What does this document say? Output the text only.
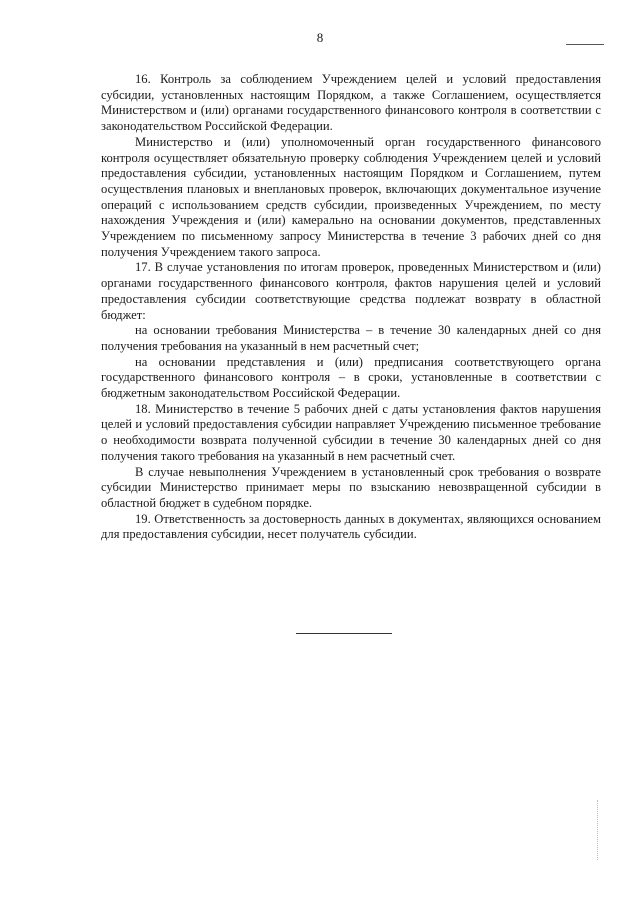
8

16. Контроль за соблюдением Учреждением целей и условий предоставления субсидии, установленных настоящим Порядком, а также Соглашением, осуществляется Министерством и (или) органами государственного финансового контроля в соответствии с законодательством Российской Федерации.

Министерство и (или) уполномоченный орган государственного финансового контроля осуществляет обязательную проверку соблюдения Учреждением целей и условий предоставления субсидии, установленных настоящим Порядком и Соглашением, путем осуществления плановых и внеплановых проверок, включающих документальное изучение операций с использованием средств субсидии, произведенных Учреждением, по месту нахождения Учреждения и (или) камерально на основании документов, представленных Учреждением по письменному запросу Министерства в течение 3 рабочих дней со дня получения Учреждением такого запроса.

17. В случае установления по итогам проверок, проведенных Министерством и (или) органами государственного финансового контроля, фактов нарушения целей и условий предоставления субсидии соответствующие средства подлежат возврату в областной бюджет:

на основании требования Министерства – в течение 30 календарных дней со дня получения требования на указанный в нем расчетный счет;

на основании представления и (или) предписания соответствующего органа государственного финансового контроля – в сроки, установленные в соответствии с бюджетным законодательством Российской Федерации.

18. Министерство в течение 5 рабочих дней с даты установления фактов нарушения целей и условий предоставления субсидии направляет Учреждению письменное требование о необходимости возврата полученной субсидии в течение 30 календарных дней со дня получения такого требования на указанный в нем расчетный счет.

В случае невыполнения Учреждением в установленный срок требования о возврате субсидии Министерство принимает меры по взысканию невозвращенной субсидии в областной бюджет в судебном порядке.

19. Ответственность за достоверность данных в документах, являющихся основанием для предоставления субсидии, несет получатель субсидии.
